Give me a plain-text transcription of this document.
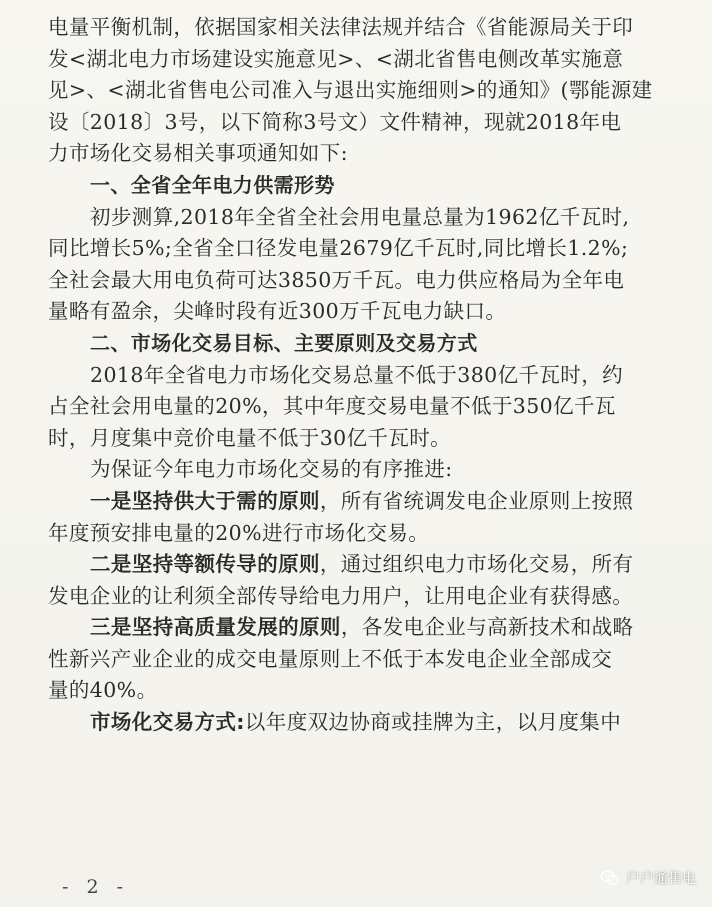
电量平衡机制，依据国家相关法律法规并结合《省能源局关于印
发<湖北电力市场建设实施意见>、<湖北省售电侧改革实施意
见>、<湖北省售电公司准入与退出实施细则>的通知》(鄂能源建
设〔2018〕3号，以下简称3号文）文件精神，现就2018年电
力市场化交易相关事项通知如下:
一、全省全年电力供需形势
初步测算,2018年全省全社会用电量总量为1962亿千瓦时,
同比增长5%;全省全口径发电量2679亿千瓦时,同比增长1.2%;
全社会最大用电负荷可达3850万千瓦。电力供应格局为全年电
量略有盈余，尖峰时段有近300万千瓦电力缺口。
二、市场化交易目标、主要原则及交易方式
2018年全省电力市场化交易总量不低于380亿千瓦时，约
占全社会用电量的20%，其中年度交易电量不低于350亿千瓦
时，月度集中竞价电量不低于30亿千瓦时。
为保证今年电力市场化交易的有序推进:
一是坚持供大于需的原则，所有省统调发电企业原则上按照
年度预安排电量的20%进行市场化交易。
二是坚持等额传导的原则，通过组织电力市场化交易，所有
发电企业的让利须全部传导给电力用户，让用电企业有获得感。
三是坚持高质量发展的原则，各发电企业与高新技术和战略
性新兴产业企业的成交电量原则上不低于本发电企业全部成交
量的40%。
市场化交易方式:以年度双边协商或挂牌为主，以月度集中
- 2 -	户户通售电
